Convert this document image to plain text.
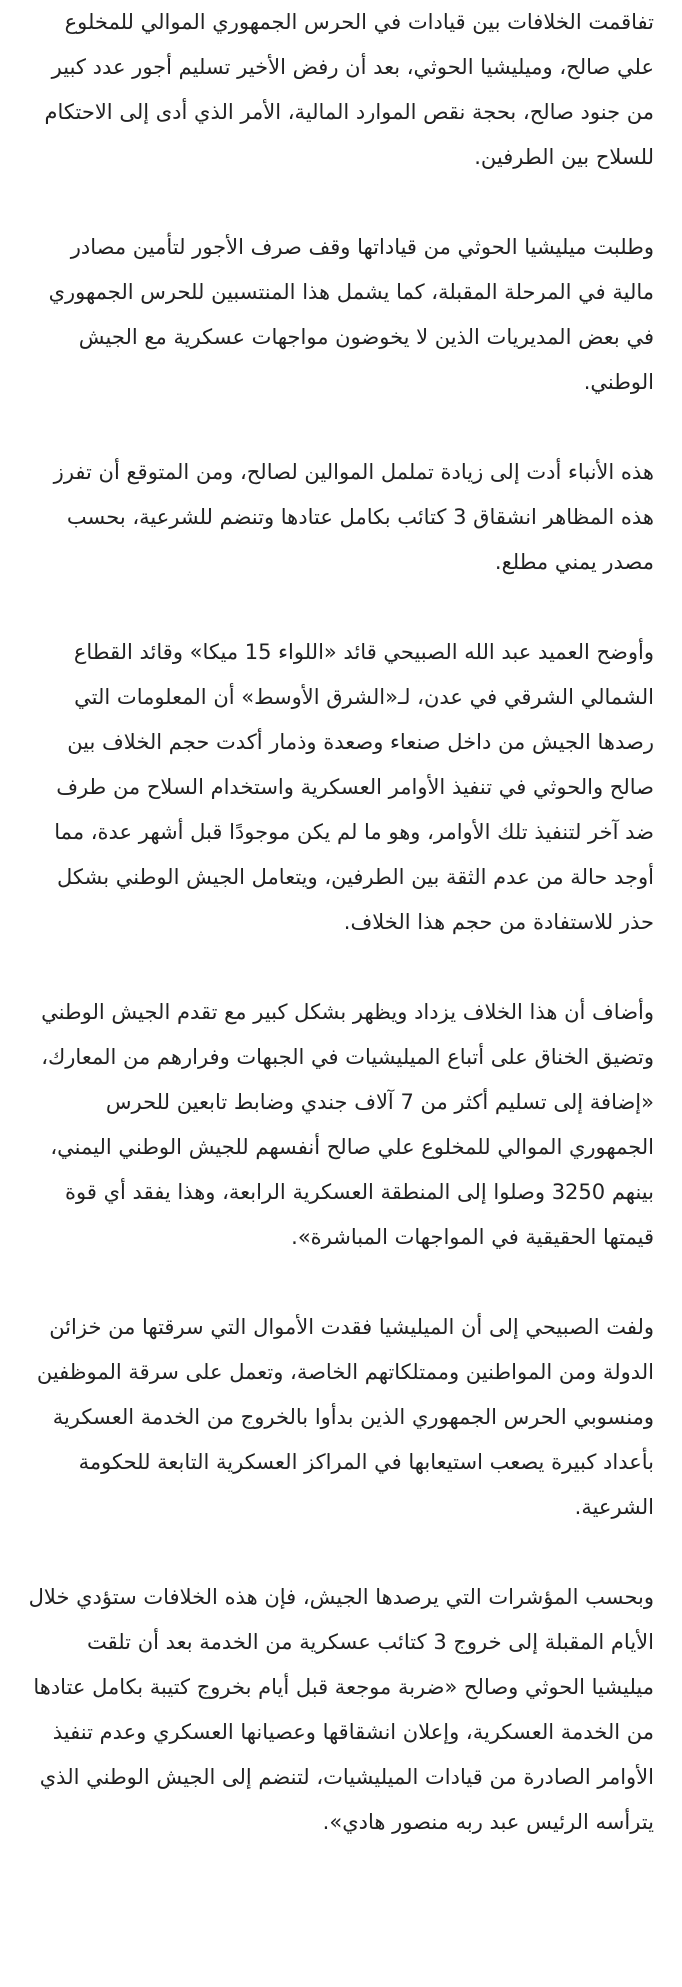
تفاقمت الخلافات بين قيادات في الحرس الجمهوري الموالي للمخلوع علي صالح، وميليشيا الحوثي، بعد أن رفض الأخير تسليم أجور عدد كبير من جنود صالح، بحجة نقص الموارد المالية، الأمر الذي أدى إلى الاحتكام للسلاح بين الطرفين.

وطلبت ميليشيا الحوثي من قياداتها وقف صرف الأجور لتأمين مصادر مالية في المرحلة المقبلة، كما يشمل هذا المنتسبين للحرس الجمهوري في بعض المديريات الذين لا يخوضون مواجهات عسكرية مع الجيش الوطني.

هذه الأنباء أدت إلى زيادة تململ الموالين لصالح، ومن المتوقع أن تفرز هذه المظاهر انشقاق 3 كتائب بكامل عتادها وتنضم للشرعية، بحسب مصدر يمني مطلع.

وأوضح العميد عبد الله الصبيحي قائد «اللواء 15 ميكا» وقائد القطاع الشمالي الشرقي في عدن، لـ«الشرق الأوسط» أن المعلومات التي رصدها الجيش من داخل صنعاء وصعدة وذمار أكدت حجم الخلاف بين صالح والحوثي في تنفيذ الأوامر العسكرية واستخدام السلاح من طرف ضد آخر لتنفيذ تلك الأوامر، وهو ما لم يكن موجودًا قبل أشهر عدة، مما أوجد حالة من عدم الثقة بين الطرفين، ويتعامل الجيش الوطني بشكل حذر للاستفادة من حجم هذا الخلاف.

وأضاف أن هذا الخلاف يزداد ويظهر بشكل كبير مع تقدم الجيش الوطني وتضيق الخناق على أتباع الميليشيات في الجبهات وفرارهم من المعارك، «إضافة إلى تسليم أكثر من 7 آلاف جندي وضابط تابعين للحرس الجمهوري الموالي للمخلوع علي صالح أنفسهم للجيش الوطني اليمني، بينهم 3250 وصلوا إلى المنطقة العسكرية الرابعة، وهذا يفقد أي قوة قيمتها الحقيقية في المواجهات المباشرة».

ولفت الصبيحي إلى أن الميليشيا فقدت الأموال التي سرقتها من خزائن الدولة ومن المواطنين وممتلكاتهم الخاصة، وتعمل على سرقة الموظفين ومنسوبي الحرس الجمهوري الذين بدأوا بالخروج من الخدمة العسكرية بأعداد كبيرة يصعب استيعابها في المراكز العسكرية التابعة للحكومة الشرعية.

وبحسب المؤشرات التي يرصدها الجيش، فإن هذه الخلافات ستؤدي خلال الأيام المقبلة إلى خروج 3 كتائب عسكرية من الخدمة بعد أن تلقت ميليشيا الحوثي وصالح «ضربة موجعة قبل أيام بخروج كتيبة بكامل عتادها من الخدمة العسكرية، وإعلان انشقاقها وعصيانها العسكري وعدم تنفيذ الأوامر الصادرة من قيادات الميليشيات، لتنضم إلى الجيش الوطني الذي يترأسه الرئيس عبد ربه منصور هادي».
